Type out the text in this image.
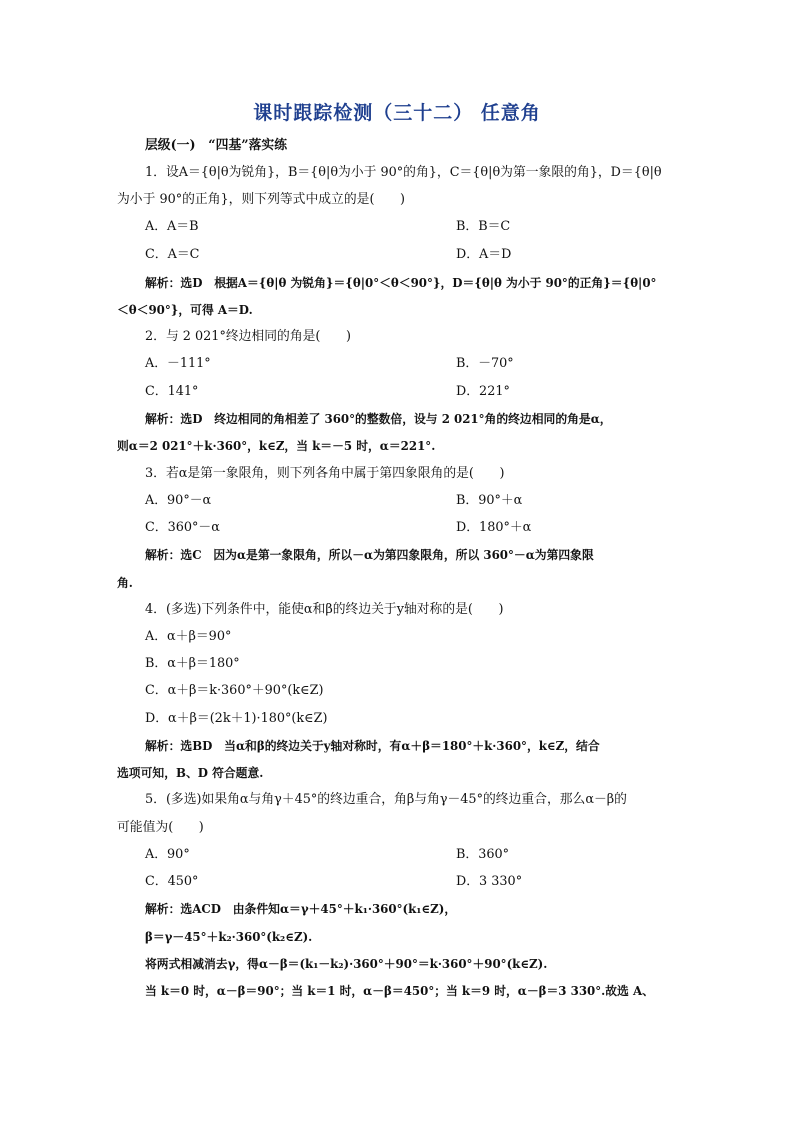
课时跟踪检测（三十二） 任意角
层级(一)　“四基”落实练
1．设A＝{θ|θ为锐角}，B＝{θ|θ为小于 90°的角}，C＝{θ|θ为第一象限的角}，D＝{θ|θ
为小于 90°的正角}，则下列等式中成立的是(　　)
A．A＝B	B．B＝C
C．A＝C	D．A＝D
解析：选D　根据A＝{θ|θ 为锐角}＝{θ|0°＜θ＜90°}，D＝{θ|θ 为小于 90°的正角}＝{θ|0°
＜θ＜90°}，可得 A＝D.
2．与 2 021°终边相同的角是(　　)
A．－111°	B．－70°
C．141°	D．221°
解析：选D　终边相同的角相差了 360°的整数倍，设与 2 021°角的终边相同的角是α，
则α＝2 021°＋k·360°，k∈Z，当 k＝－5 时，α＝221°.
3．若α是第一象限角，则下列各角中属于第四象限角的是(　　)
A．90°－α	B．90°＋α
C．360°－α	D．180°＋α
解析：选C　因为α是第一象限角，所以－α为第四象限角，所以 360°－α为第四象限
角.
4．(多选)下列条件中，能使α和β的终边关于y轴对称的是(　　)
A．α＋β＝90°
B．α＋β＝180°
C．α＋β＝k·360°＋90°(k∈Z)
D．α＋β＝(2k＋1)·180°(k∈Z)
解析：选BD　当α和β的终边关于y轴对称时，有α＋β＝180°＋k·360°，k∈Z，结合
选项可知，B、D 符合题意.
5．(多选)如果角α与角γ＋45°的终边重合，角β与角γ－45°的终边重合，那么α－β的
可能值为(　　)
A．90°	B．360°
C．450°	D．3 330°
解析：选ACD　由条件知α＝γ＋45°＋k₁·360°(k₁∈Z)，
β＝γ－45°＋k₂·360°(k₂∈Z).
将两式相减消去γ，得α－β＝(k₁－k₂)·360°＋90°＝k·360°＋90°(k∈Z).
当 k＝0 时，α－β＝90°；当 k＝1 时，α－β＝450°；当 k＝9 时，α－β＝3 330°.故选 A、
